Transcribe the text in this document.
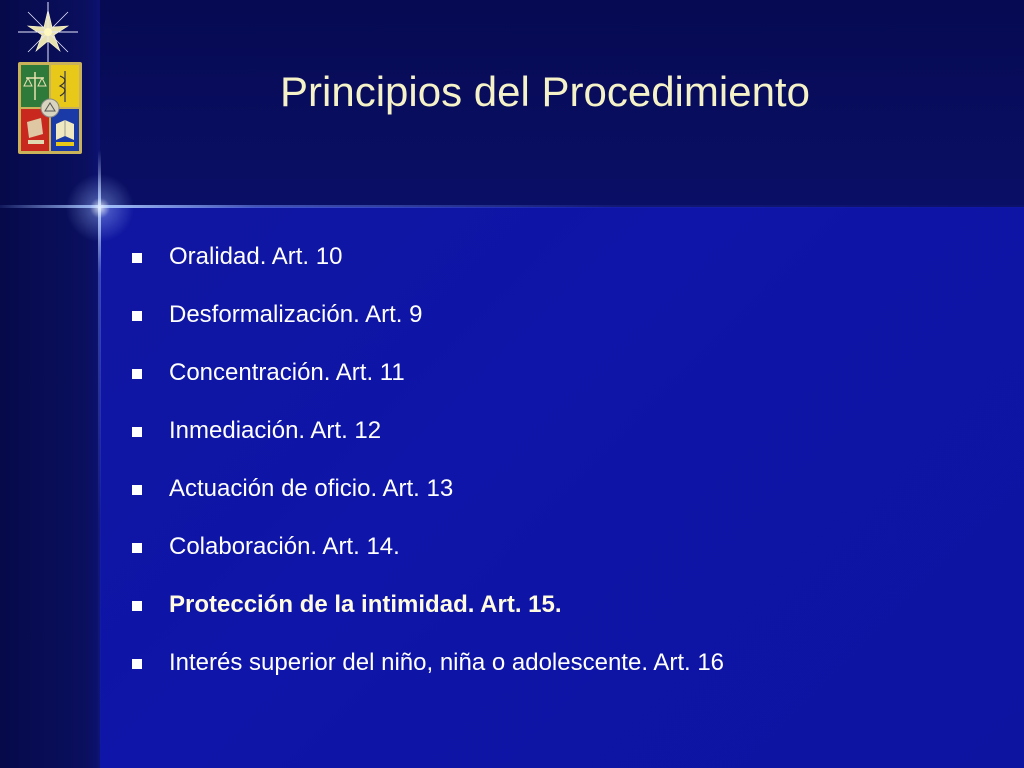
Principios del Procedimiento
Oralidad. Art. 10
Desformalización. Art. 9
Concentración. Art. 11
Inmediación. Art. 12
Actuación de oficio. Art. 13
Colaboración. Art. 14.
Protección de la intimidad. Art. 15.
Interés superior del niño, niña o adolescente. Art. 16
